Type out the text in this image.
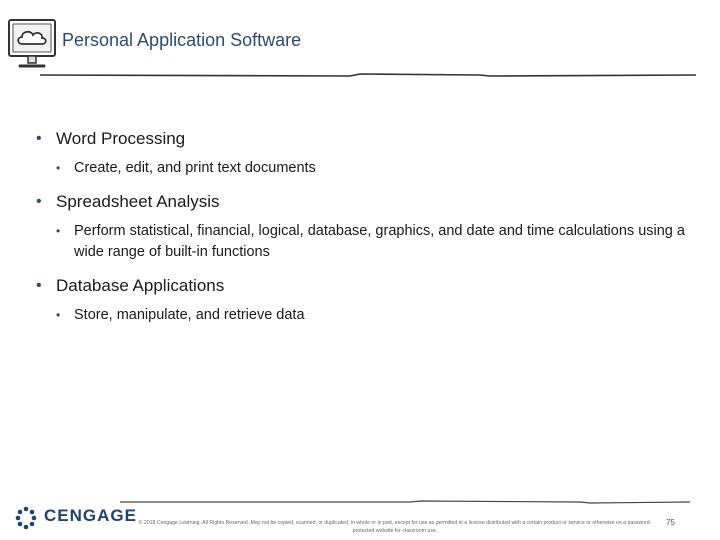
Personal Application Software
• Word Processing
• Create, edit, and print text documents
• Spreadsheet Analysis
• Perform statistical, financial, logical, database, graphics, and date and time calculations using a wide range of built-in functions
• Database Applications
• Store, manipulate, and retrieve data
CENGAGE © 2018 Cengage Learning. All Rights Reserved. May not be copied, scanned, or duplicated, in whole or in part, except for use as permitted in a license distributed with a certain product or service or otherwise on a password-protected website for classroom use.
75
